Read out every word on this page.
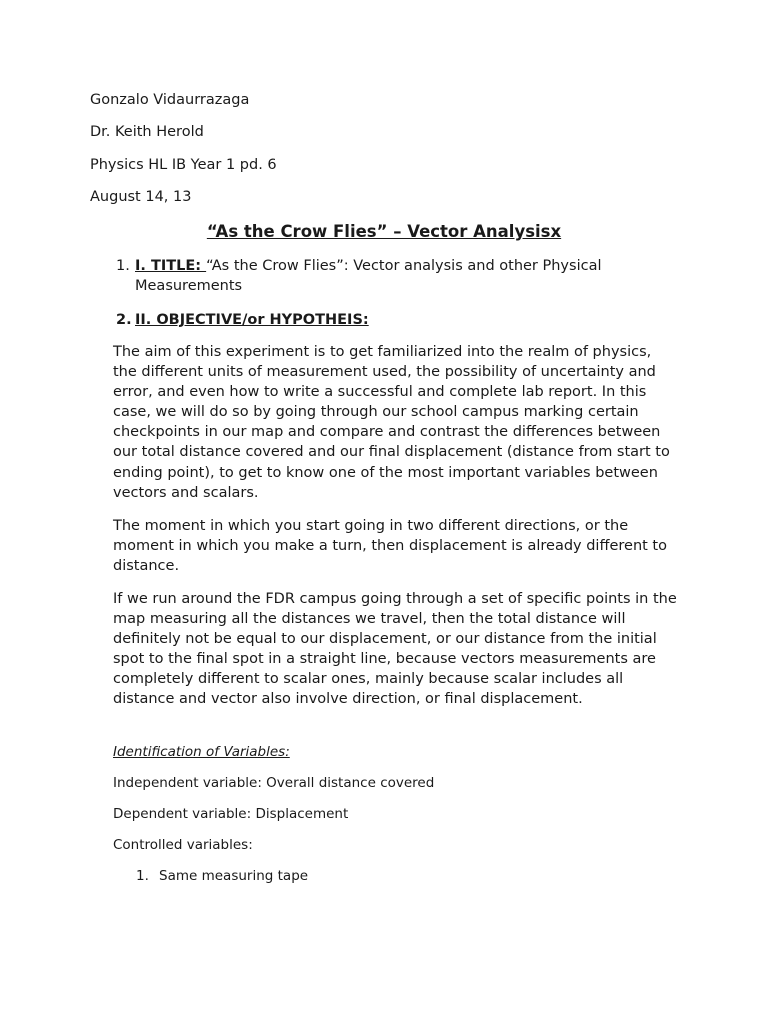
Gonzalo Vidaurrazaga
Dr. Keith Herold
Physics HL IB Year 1 pd. 6
August 14, 13
“As the Crow Flies” – Vector Analysisx
1. I. TITLE: “As the Crow Flies”: Vector analysis and other Physical Measurements
2. II. OBJECTIVE/or HYPOTHEIS:
The aim of this experiment is to get familiarized into the realm of physics, the different units of measurement used, the possibility of uncertainty and error, and even how to write a successful and complete lab report. In this case, we will do so by going through our school campus marking certain checkpoints in our map and compare and contrast the differences between our total distance covered and our final displacement (distance from start to ending point), to get to know one of the most important variables between vectors and scalars.
The moment in which you start going in two different directions, or the moment in which you make a turn, then displacement is already different to distance.
If we run around the FDR campus going through a set of specific points in the map measuring all the distances we travel, then the total distance will definitely not be equal to our displacement, or our distance from the initial spot to the final spot in a straight line, because vectors measurements are completely different to scalar ones, mainly because scalar includes all distance and vector also involve direction, or final displacement.
Identification of Variables:
Independent variable: Overall distance covered
Dependent variable: Displacement
Controlled variables:
1. Same measuring tape
